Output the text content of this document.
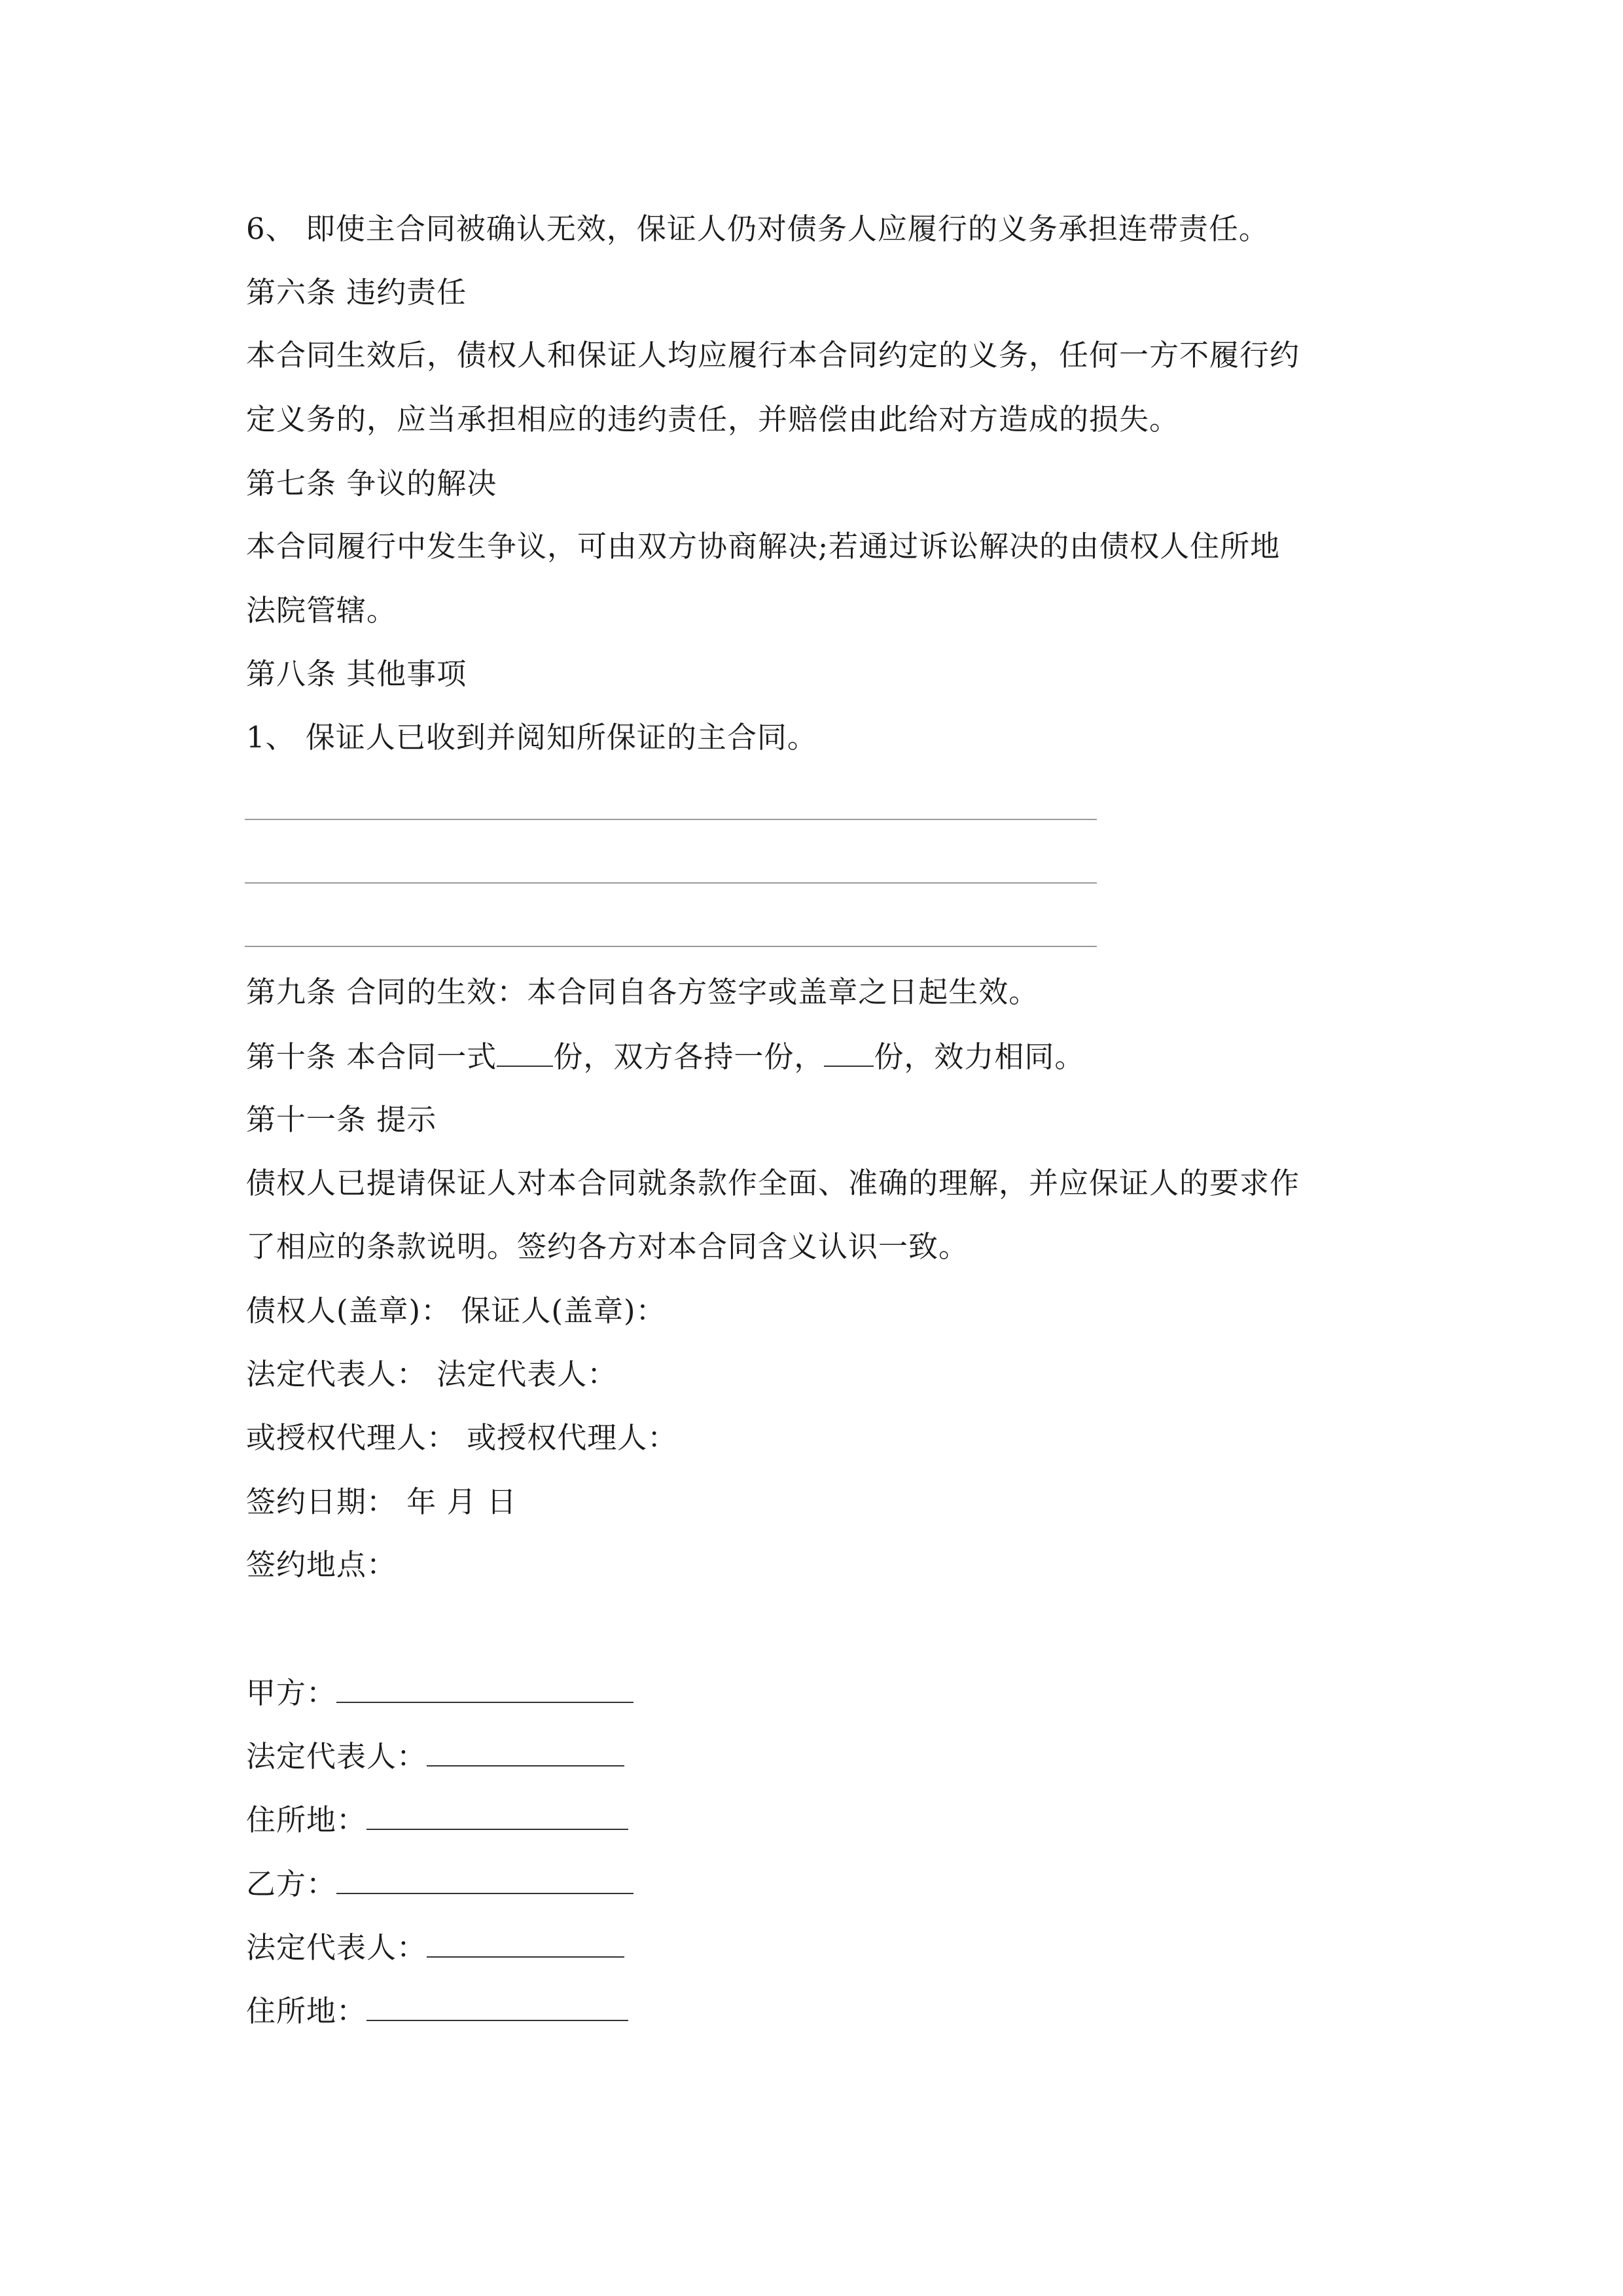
6、 即使主合同被确认无效，保证人仍对债务人应履行的义务承担连带责任。
第六条 违约责任
本合同生效后，债权人和保证人均应履行本合同约定的义务，任何一方不履行约
定义务的，应当承担相应的违约责任，并赔偿由此给对方造成的损失。
第七条 争议的解决
本合同履行中发生争议，可由双方协商解决;若通过诉讼解决的由债权人住所地
法院管辖。
第八条 其他事项
1、 保证人已收到并阅知所保证的主合同。
第九条 合同的生效：本合同自各方签字或盖章之日起生效。
第十条 本合同一式 份，双方各持一份， 份，效力相同。
第十一条 提示
债权人已提请保证人对本合同就条款作全面、准确的理解，并应保证人的要求作
了相应的条款说明。签约各方对本合同含义认识一致。
债权人(盖章)： 保证人(盖章)：
法定代表人： 法定代表人：
或授权代理人： 或授权代理人：
签约日期： 年 月 日
签约地点：
甲方：
法定代表人：
住所地：
乙方：
法定代表人：
住所地：
